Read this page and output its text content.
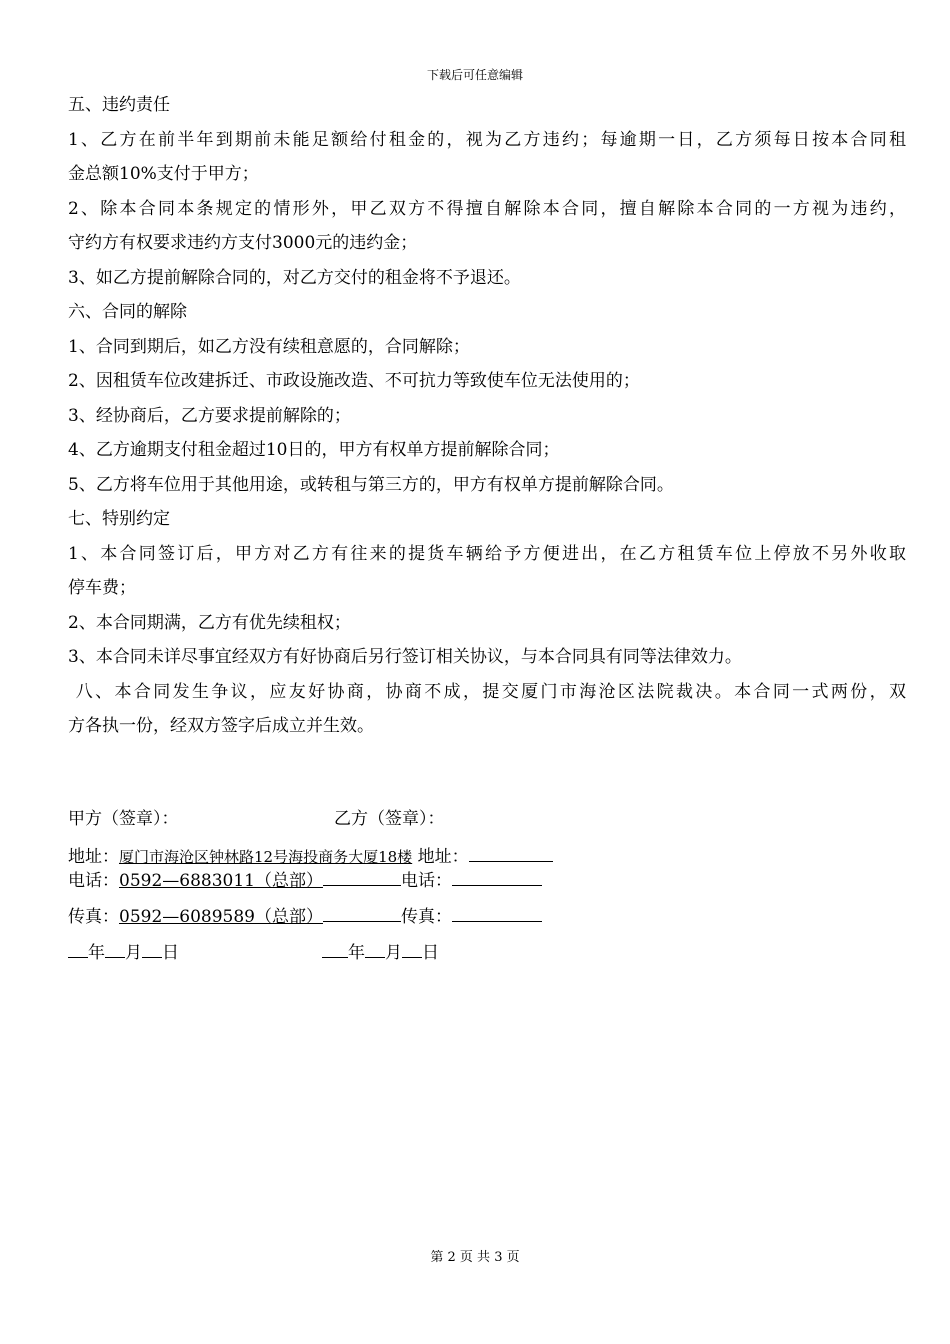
下载后可任意编辑
五、违约责任
1、乙方在前半年到期前未能足额给付租金的，视为乙方违约；每逾期一日，乙方须每日按本合同租
金总额10%支付于甲方；
2、除本合同本条规定的情形外，甲乙双方不得擅自解除本合同，擅自解除本合同的一方视为违约，
守约方有权要求违约方支付3000元的违约金；
3、如乙方提前解除合同的，对乙方交付的租金将不予退还。
六、合同的解除
1、合同到期后，如乙方没有续租意愿的，合同解除；
2、因租赁车位改建拆迁、市政设施改造、不可抗力等致使车位无法使用的；
3、经协商后，乙方要求提前解除的；
4、乙方逾期支付租金超过10日的，甲方有权单方提前解除合同；
5、乙方将车位用于其他用途，或转租与第三方的，甲方有权单方提前解除合同。
七、特别约定
1、本合同签订后，甲方对乙方有往来的提货车辆给予方便进出，在乙方租赁车位上停放不另外收取
停车费；
2、本合同期满，乙方有优先续租权；
3、本合同未详尽事宜经双方有好协商后另行签订相关协议，与本合同具有同等法律效力。
八、本合同发生争议，应友好协商，协商不成，提交厦门市海沧区法院裁决。本合同一式两份，双
方各执一份，经双方签字后成立并生效。
甲方（签章）：	乙方（签章）：
地址：厦门市海沧区钟林路12号海投商务大厦18楼 地址：
电话：0592—6883011（总部）	电话：
传真：0592—6089589（总部）	传真：
年 月 日	年 月 日
第 2 页 共 3 页
